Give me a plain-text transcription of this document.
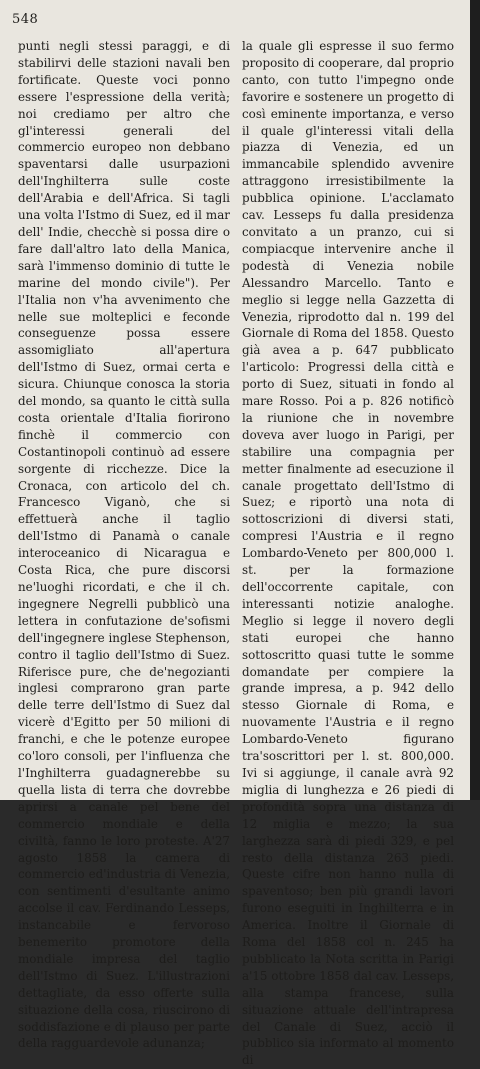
548

punti negli stessi paraggi, e di stabilirvi delle stazioni navali ben fortificate. Queste voci ponno essere l'espressione della verità; noi crediamo per altro che gl'interessi generali del commercio europeo non debbano spaventarsi dalle usurpazioni dell'Inghilterra sulle coste dell'Arabia e dell'Africa. Si tagli una volta l'Istmo di Suez, ed il mar dell' Indie, checchè si possa dire o fare dall'altro lato della Manica, sarà l'immenso dominio di tutte le marine del mondo civile"). Per l'Italia non v'ha avvenimento che nelle sue molteplici e feconde conseguenze possa essere assomigliato all'apertura dell'Istmo di Suez, ormai certa e sicura. Chiunque conosca la storia del mondo, sa quanto le città sulla costa orientale d'Italia fiorirono finchè il commercio con Costantinopoli continuò ad essere sorgente di ricchezze. Dice la Cronaca, con articolo del ch. Francesco Viganò, che si effettuerà anche il taglio dell'Istmo di Panamà o canale interoceanico di Nicaragua e Costa Rica, che pure discorsi ne'luoghi ricordati, e che il ch. ingegnere Negrelli pubblicò una lettera in confutazione de'sofismi dell'ingegnere inglese Stephenson, contro il taglio dell'Istmo di Suez. Riferisce pure, che de'negozianti inglesi comprarono gran parte delle terre dell'Istmo di Suez dal vicerè d'Egitto per 50 milioni di franchi, e che le potenze europee co'loro consoli, per l'influenza che l'Inghilterra guadagnerebbe su quella lista di terra che dovrebbe aprirsi a canale pel bene del commercio mondiale e della civiltà, fanno le loro proteste. A'27 agosto 1858 la camera di commercio ed'industria di Venezia, con sentimenti d'esultante animo accolse il cav. Ferdinando Lesseps, instancabile e fervoroso benemerito promotore della mondiale impresa del taglio dell'Istmo di Suez. L'illustrazioni dettagliate, da esso offerte sulla situazione della cosa, riuscirono di soddisfazione e di plauso per parte della ragguardevole adunanza;

la quale gli espresse il suo fermo proposito di cooperare, dal proprio canto, con tutto l'impegno onde favorire e sostenere un progetto di così eminente importanza, e verso il quale gl'interessi vitali della piazza di Venezia, ed un immancabile splendido avvenire attraggono irresistibilmente la pubblica opinione. L'acclamato cav. Lesseps fu dalla presidenza convitato a un pranzo, cui si compiacque intervenire anche il podestà di Venezia nobile Alessandro Marcello. Tanto e meglio si legge nella Gazzetta di Venezia, riprodotto dal n. 199 del Giornale di Roma del 1858. Questo già avea a p. 647 pubblicato l'articolo: Progressi della città e porto di Suez, situati in fondo al mare Rosso. Poi a p. 826 notificò la riunione che in novembre doveva aver luogo in Parigi, per stabilire una compagnia per metter finalmente ad esecuzione il canale progettato dell'Istmo di Suez; e riportò una nota di sottoscrizioni di diversi stati, compresi l'Austria e il regno Lombardo-Veneto per 800,000 l. st. per la formazione dell'occorrente capitale, con interessanti notizie analoghe. Meglio si legge il novero degli stati europei che hanno sottoscritto quasi tutte le somme domandate per compiere la grande impresa, a p. 942 dello stesso Giornale di Roma, e nuovamente l'Austria e il regno Lombardo-Veneto figurano tra'soscrittori per l. st. 800,000. Ivi si aggiunge, il canale avrà 92 miglia di lunghezza e 26 piedi di profondità sopra una distanza di 12 miglia e mezzo; la sua larghezza sarà di piedi 329, e pel resto della distanza 263 piedi. Queste cifre non hanno nulla di spaventoso; ben più grandi lavori furono eseguiti in Inghilterra e in America. Inoltre il Giornale di Roma del 1858 col n. 245 ha pubblicato la Nota scritta in Parigi a'15 ottobre 1858 dal cav. Lesseps, alla stampa francese, sulla situazione attuale dell'intrapresa del Canale di Suez, acciò il pubblico sia informato al momento di
